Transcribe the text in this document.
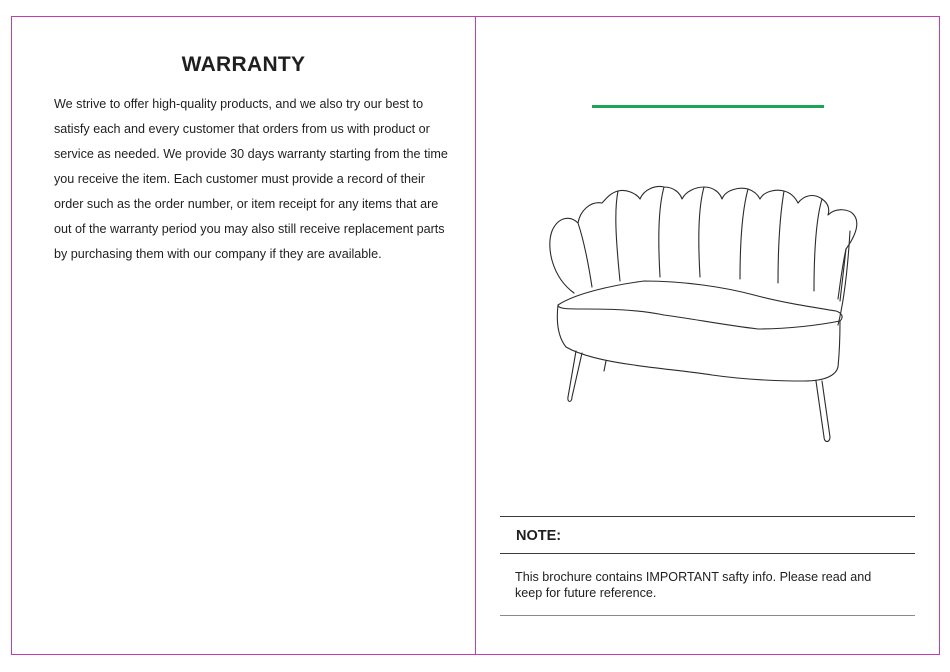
WARRANTY

We strive to offer high-quality products, and we also try our best to satisfy each and every customer that orders from us with product or service as needed. We provide 30 days warranty starting from the time you receive the item. Each customer must provide a record of their order such as the order number, or item receipt for any items that are out of the warranty period you may also still receive replacement parts by purchasing them with our company if they are available.

NOTE:

This brochure contains IMPORTANT safty info. Please read and keep for future reference.
